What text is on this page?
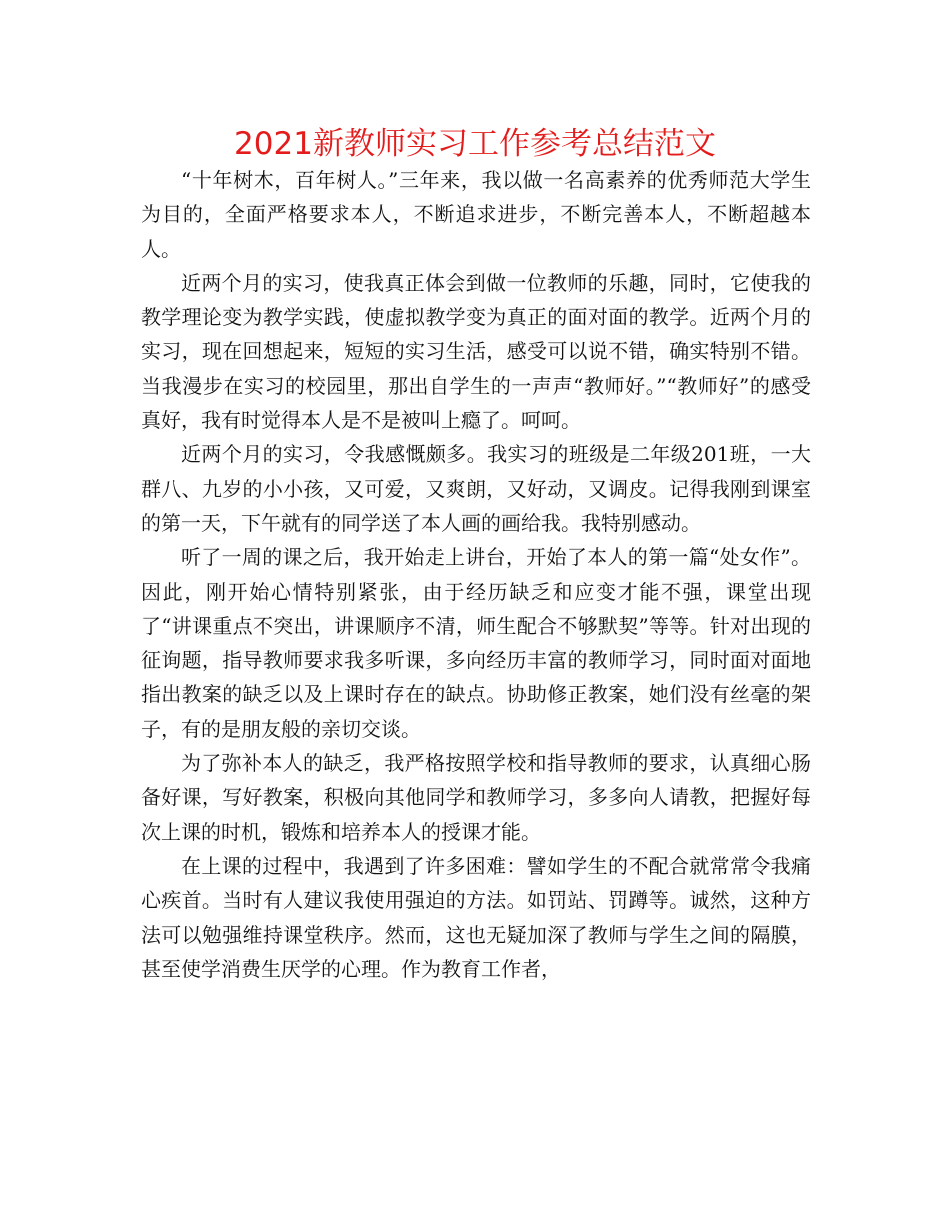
2021新教师实习工作参考总结范文

“十年树木，百年树人。”三年来，我以做一名高素养的优秀师范大学生为目的，全面严格要求本人，不断追求进步，不断完善本人，不断超越本人。

近两个月的实习，使我真正体会到做一位教师的乐趣，同时，它使我的教学理论变为教学实践，使虚拟教学变为真正的面对面的教学。近两个月的实习，现在回想起来，短短的实习生活，感受可以说不错，确实特别不错。当我漫步在实习的校园里，那出自学生的一声声“教师好。”“教师好”的感受真好，我有时觉得本人是不是被叫上瘾了。呵呵。

近两个月的实习，令我感慨颇多。我实习的班级是二年级201班，一大群八、九岁的小小孩，又可爱，又爽朗，又好动，又调皮。记得我刚到课室的第一天，下午就有的同学送了本人画的画给我。我特别感动。

听了一周的课之后，我开始走上讲台，开始了本人的第一篇“处女作”。因此，刚开始心情特别紧张，由于经历缺乏和应变才能不强，课堂出现了“讲课重点不突出，讲课顺序不清，师生配合不够默契”等等。针对出现的征询题，指导教师要求我多听课，多向经历丰富的教师学习，同时面对面地指出教案的缺乏以及上课时存在的缺点。协助修正教案，她们没有丝毫的架子，有的是朋友般的亲切交谈。

为了弥补本人的缺乏，我严格按照学校和指导教师的要求，认真细心肠备好课，写好教案，积极向其他同学和教师学习，多多向人请教，把握好每次上课的时机，锻炼和培养本人的授课才能。

在上课的过程中，我遇到了许多困难：譬如学生的不配合就常常令我痛心疾首。当时有人建议我使用强迫的方法。如罚站、罚蹲等。诚然，这种方法可以勉强维持课堂秩序。然而，这也无疑加深了教师与学生之间的隔膜，甚至使学消费生厌学的心理。作为教育工作者，
